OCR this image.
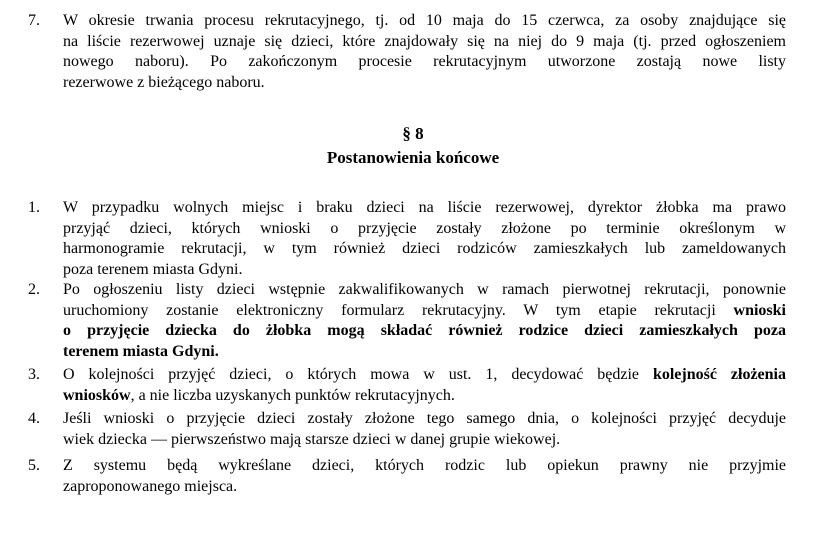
7.	W okresie trwania procesu rekrutacyjnego, tj. od 10 maja do 15 czerwca, za osoby znajdujące się
na liście rezerwowej uznaje się dzieci, które znajdowały się na niej do 9 maja (tj. przed ogłoszeniem
nowego naboru). Po zakończonym procesie rekrutacyjnym utworzone zostają nowe listy
rezerwowe z bieżącego naboru.
§ 8
Postanowienia końcowe
1.	W przypadku wolnych miejsc i braku dzieci na liście rezerwowej, dyrektor żłobka ma prawo
przyjąć dzieci, których wnioski o przyjęcie zostały złożone po terminie określonym w
harmonogramie rekrutacji, w tym również dzieci rodziców zamieszkałych lub zameldowanych
poza terenem miasta Gdyni.
2.	Po ogłoszeniu listy dzieci wstępnie zakwalifikowanych w ramach pierwotnej rekrutacji, ponownie
uruchomiony zostanie elektroniczny formularz rekrutacyjny. W tym etapie rekrutacji wnioski
o przyjęcie dziecka do żłobka mogą składać również rodzice dzieci zamieszkałych poza
terenem miasta Gdyni.
3.	O kolejności przyjęć dzieci, o których mowa w ust. 1, decydować będzie kolejność złożenia
wniosków, a nie liczba uzyskanych punktów rekrutacyjnych.
4.	Jeśli wnioski o przyjęcie dzieci zostały złożone tego samego dnia, o kolejności przyjęć decyduje
wiek dziecka — pierwszeństwo mają starsze dzieci w danej grupie wiekowej.
5.	Z systemu będą wykreślane dzieci, których rodzic lub opiekun prawny nie przyjmie
zaproponowanego miejsca.
